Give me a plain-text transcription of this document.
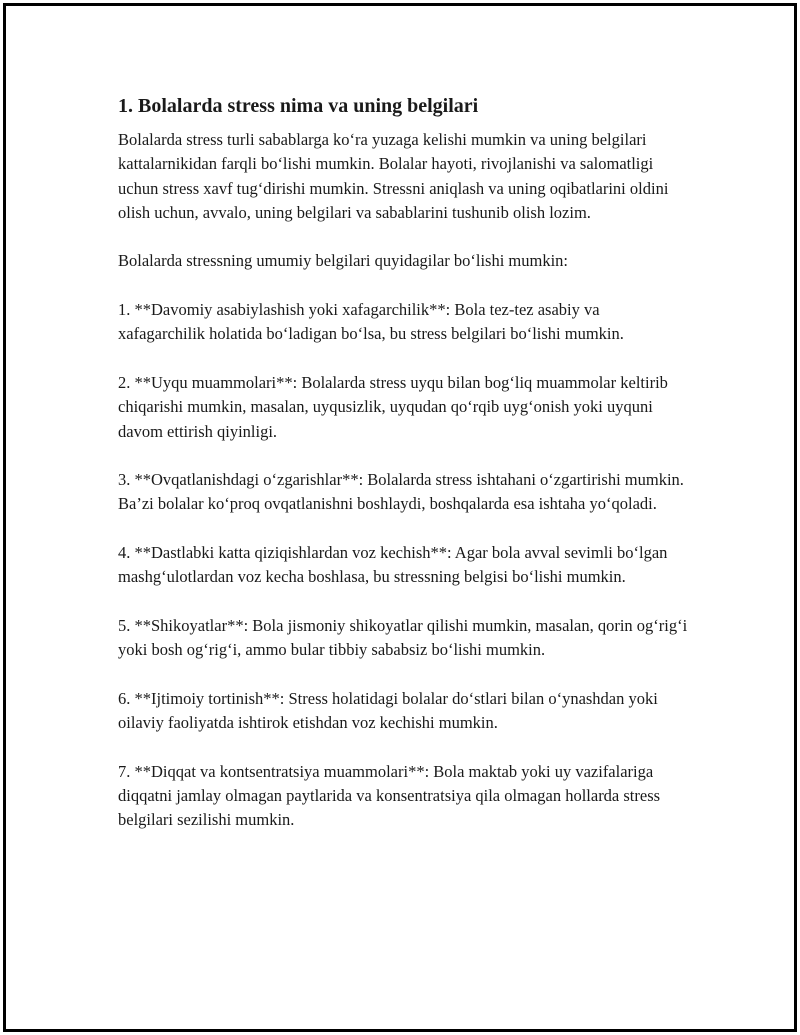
1. Bolalarda stress nima va uning belgilari

Bolalarda stress turli sabablarga ko‘ra yuzaga kelishi mumkin va uning belgilari kattalarnikidan farqli bo‘lishi mumkin. Bolalar hayoti, rivojlanishi va salomatligi uchun stress xavf tug‘dirishi mumkin. Stressni aniqlash va uning oqibatlarini oldini olish uchun, avvalo, uning belgilari va sabablarini tushunib olish lozim.

Bolalarda stressning umumiy belgilari quyidagilar bo‘lishi mumkin:

1. **Davomiy asabiylashish yoki xafagarchilik**: Bola tez-tez asabiy va xafagarchilik holatida bo‘ladigan bo‘lsa, bu stress belgilari bo‘lishi mumkin.

2. **Uyqu muammolari**: Bolalarda stress uyqu bilan bog‘liq muammolar keltirib chiqarishi mumkin, masalan, uyqusizlik, uyqudan qo‘rqib uyg‘onish yoki uyquni davom ettirish qiyinligi.

3. **Ovqatlanishdagi o‘zgarishlar**: Bolalarda stress ishtahani o‘zgartirishi mumkin. Ba’zi bolalar ko‘proq ovqatlanishni boshlaydi, boshqalarda esa ishtaha yo‘qoladi.

4. **Dastlabki katta qiziqishlardan voz kechish**: Agar bola avval sevimli bo‘lgan mashg‘ulotlardan voz kecha boshlasa, bu stressning belgisi bo‘lishi mumkin.

5. **Shikoyatlar**: Bola jismoniy shikoyatlar qilishi mumkin, masalan, qorin og‘rig‘i yoki bosh og‘rig‘i, ammo bular tibbiy sababsiz bo‘lishi mumkin.

6. **Ijtimoiy tortinish**: Stress holatidagi bolalar do‘stlari bilan o‘ynashdan yoki oilaviy faoliyatda ishtirok etishdan voz kechishi mumkin.

7. **Diqqat va kontsentratsiya muammolari**: Bola maktab yoki uy vazifalariga diqqatni jamlay olmagan paytlarida va konsentratsiya qila olmagan hollarda stress belgilari sezilishi mumkin.
